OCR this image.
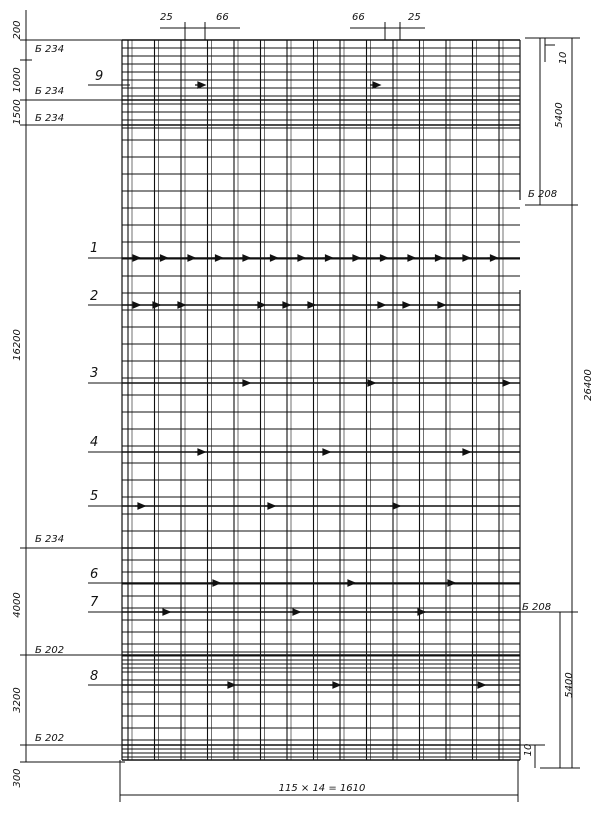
200
1000
1500
16200
4000
3200
300
Б 234
Б 234
Б 234
Б 234
Б 202
Б 202
Б 208
Б 208
1
2
3
4
5
6
7
8
9
25	66	66	25
10
5400
26400
5400
10
115 × 14 = 1610
